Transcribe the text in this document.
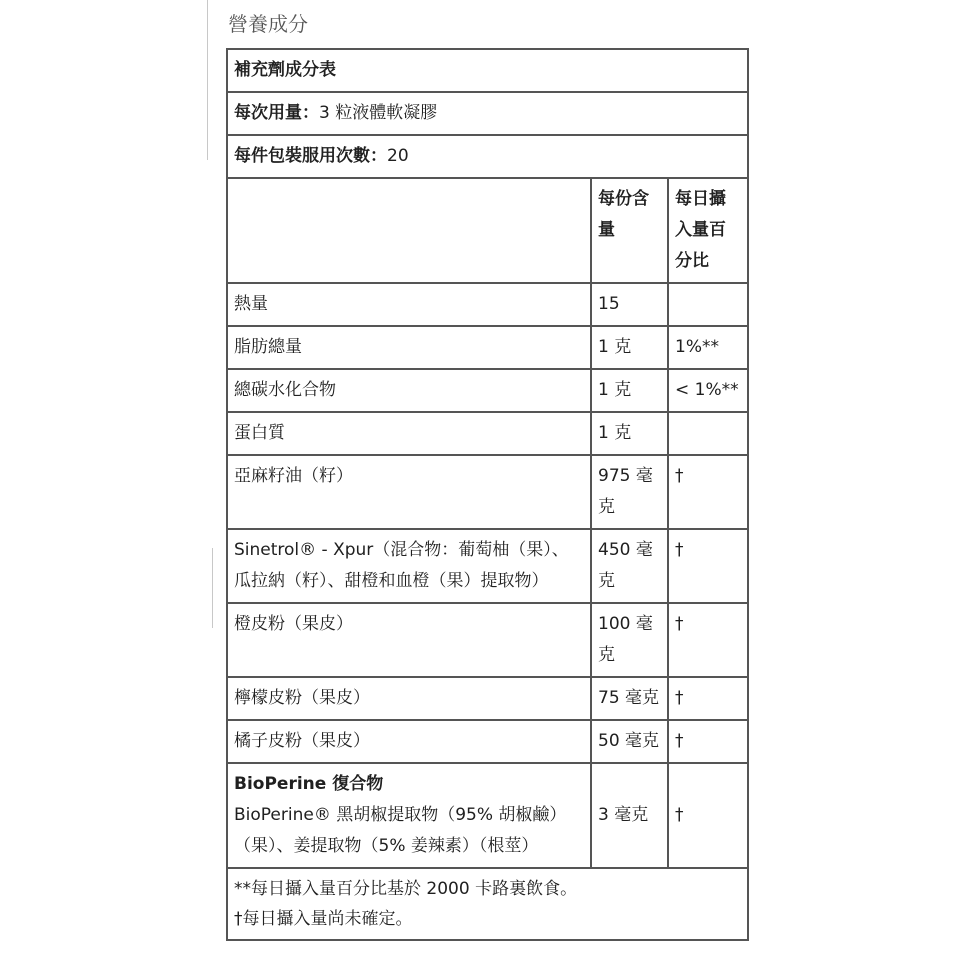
營養成分
補充劑成分表		
每次用量：3 粒液體軟凝膠		
每件包裝服用次數：20		
	每份含量	每日攝入量百分比
熱量	15	
脂肪總量	1 克	1%**
總碳水化合物	1 克	< 1%**
蛋白質	1 克	
亞麻籽油（籽）	975 毫克	†
Sinetrol® - Xpur（混合物：葡萄柚（果）、瓜拉納（籽）、甜橙和血橙（果）提取物）	450 毫克	†
橙皮粉（果皮）	100 毫克	†
檸檬皮粉（果皮）	75 毫克	†
橘子皮粉（果皮）	50 毫克	†

BioPerine 復合物
BioPerine® 黑胡椒提取物（95% 胡椒鹼）（果）、姜提取物（5% 姜辣素）（根莖）	3 毫克	†

**每日攝入量百分比基於 2000 卡路裏飲食。
†每日攝入量尚未確定。		
